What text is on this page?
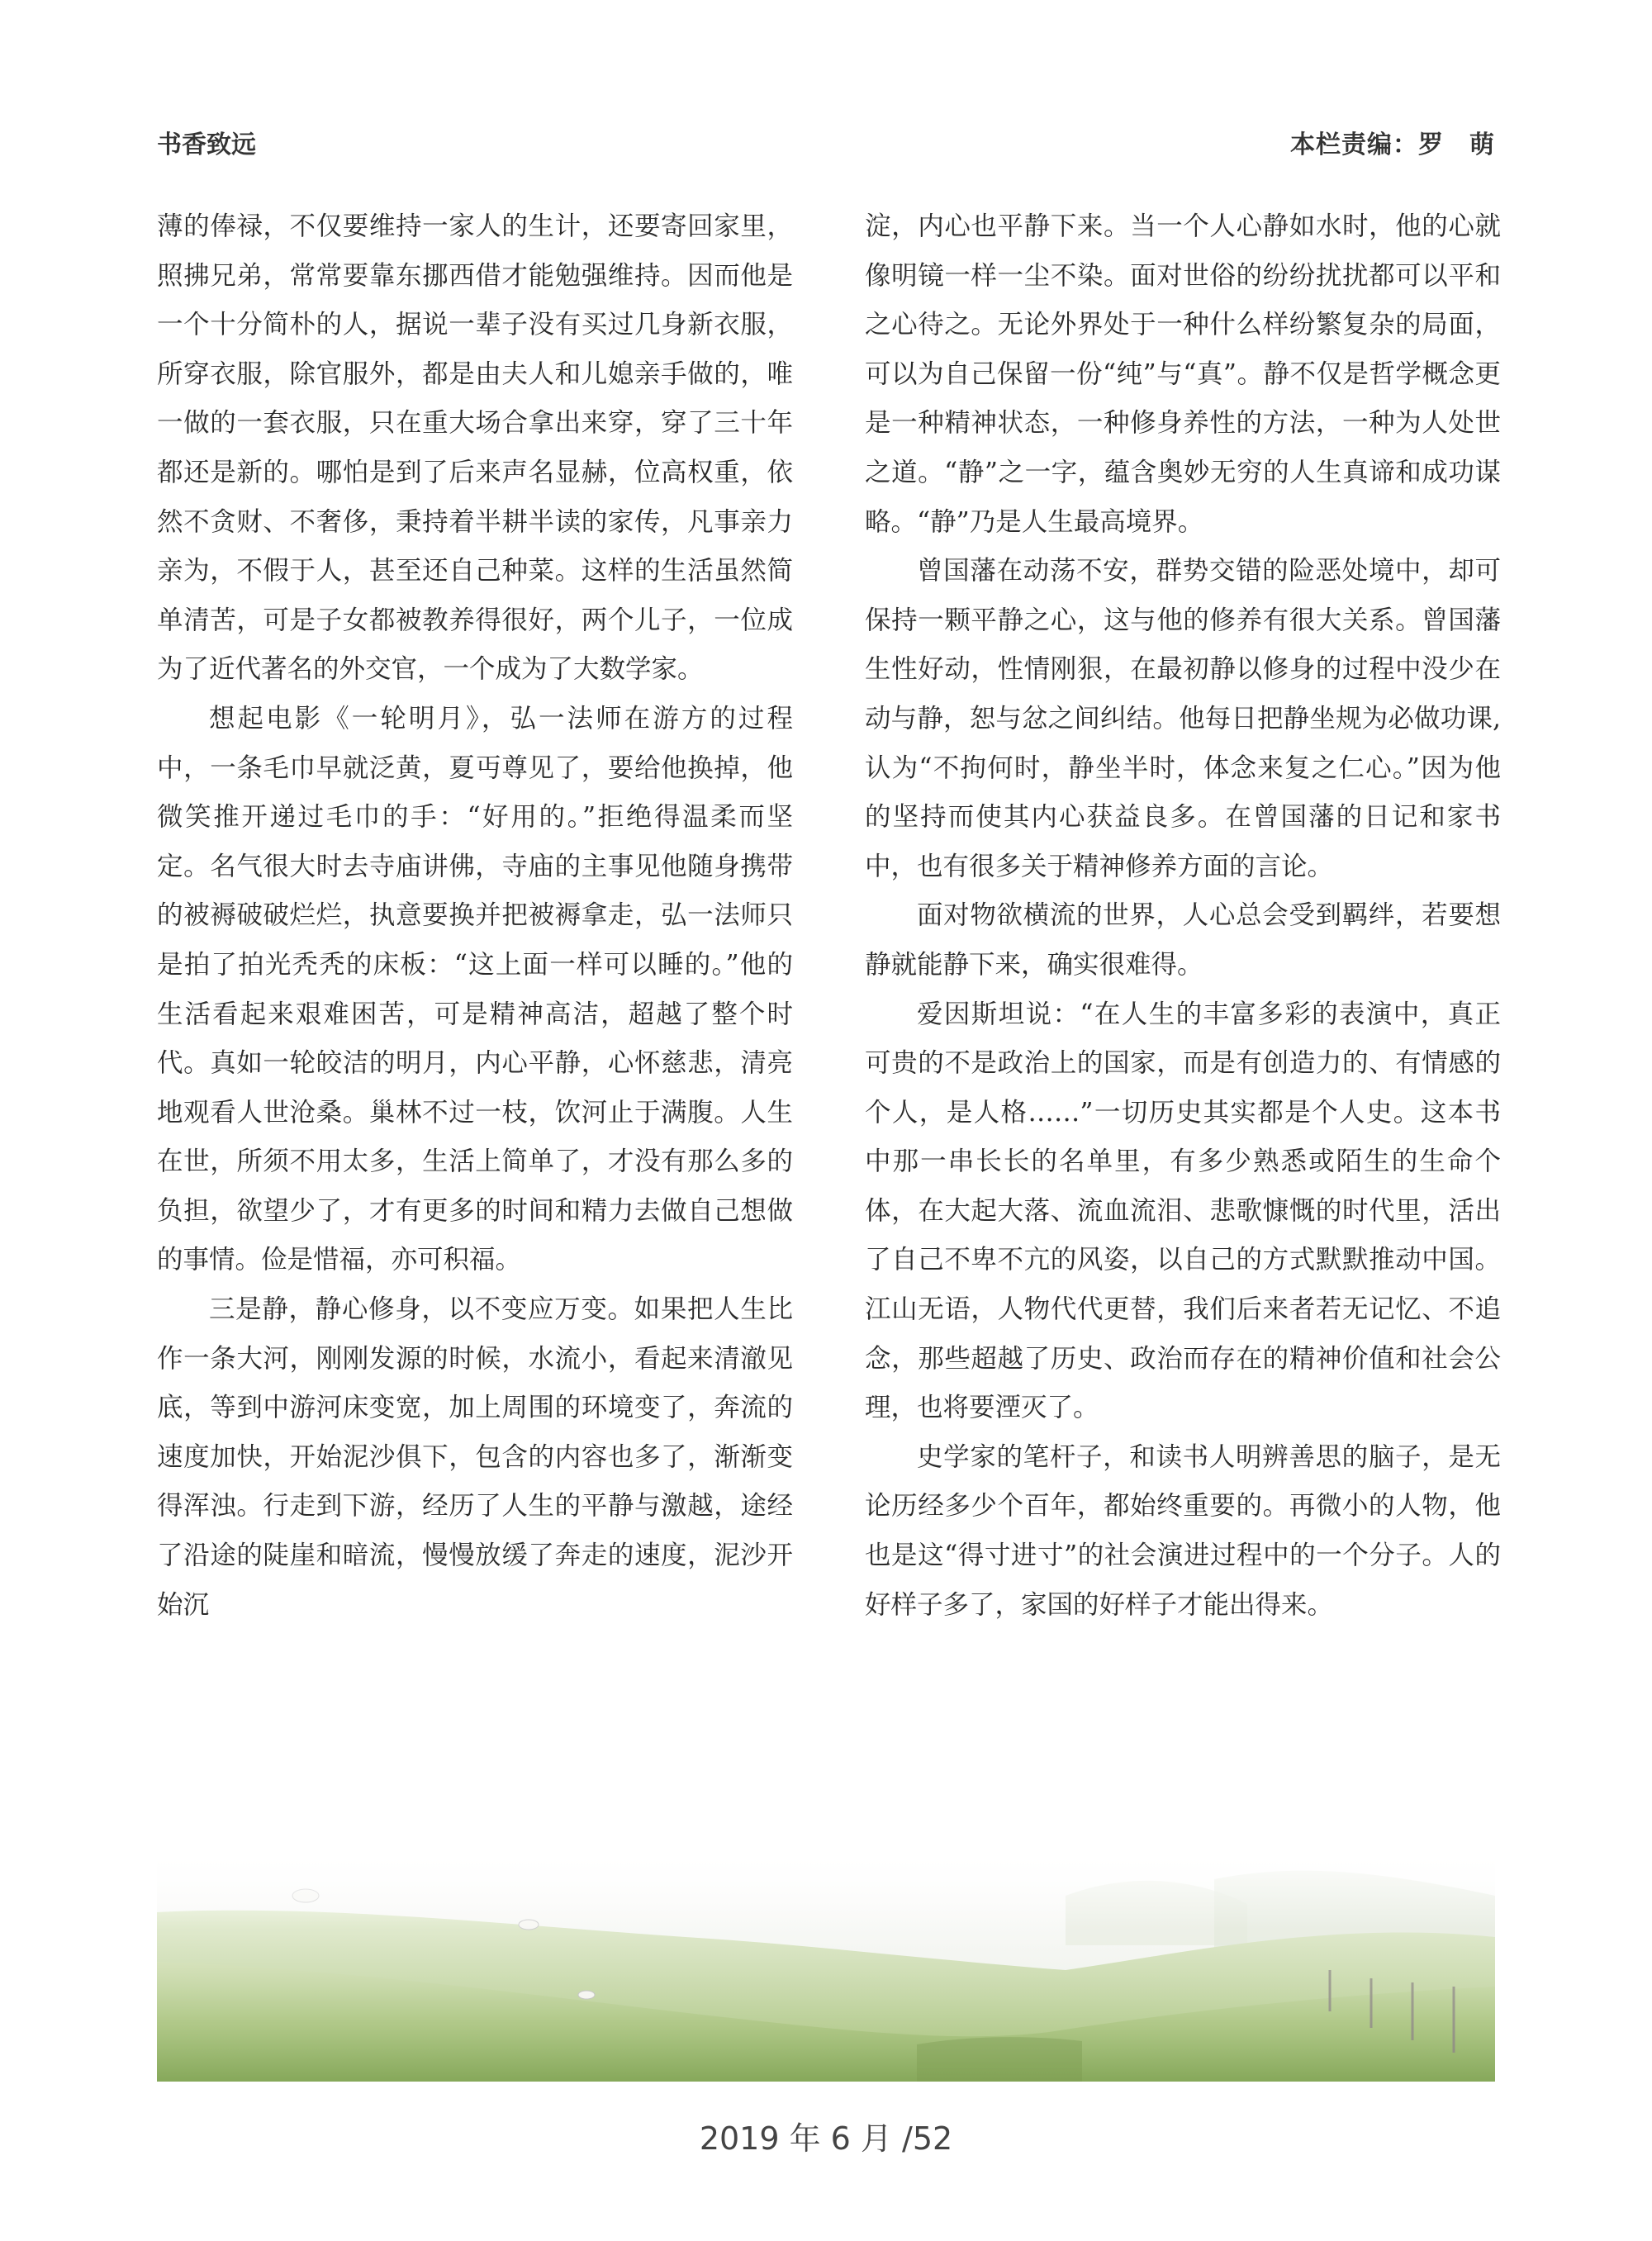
书香致远	本栏责编：罗　萌

薄的俸禄，不仅要维持一家人的生计，还要寄回家里，照拂兄弟，常常要靠东挪西借才能勉强维持。因而他是一个十分简朴的人，据说一辈子没有买过几身新衣服，所穿衣服，除官服外，都是由夫人和儿媳亲手做的，唯一做的一套衣服，只在重大场合拿出来穿，穿了三十年都还是新的。哪怕是到了后来声名显赫，位高权重，依然不贪财、不奢侈，秉持着半耕半读的家传，凡事亲力亲为，不假于人，甚至还自己种菜。这样的生活虽然简单清苦，可是子女都被教养得很好，两个儿子，一位成为了近代著名的外交官，一个成为了大数学家。

想起电影《一轮明月》，弘一法师在游方的过程中，一条毛巾早就泛黄，夏丏尊见了，要给他换掉，他微笑推开递过毛巾的手：“好用的。”拒绝得温柔而坚定。名气很大时去寺庙讲佛，寺庙的主事见他随身携带的被褥破破烂烂，执意要换并把被褥拿走，弘一法师只是拍了拍光秃秃的床板：“这上面一样可以睡的。”他的生活看起来艰难困苦，可是精神高洁，超越了整个时代。真如一轮皎洁的明月，内心平静，心怀慈悲，清亮地观看人世沧桑。巢林不过一枝，饮河止于满腹。人生在世，所须不用太多，生活上简单了，才没有那么多的负担，欲望少了，才有更多的时间和精力去做自己想做的事情。俭是惜福，亦可积福。

三是静，静心修身，以不变应万变。如果把人生比作一条大河，刚刚发源的时候，水流小，看起来清澈见底，等到中游河床变宽，加上周围的环境变了，奔流的速度加快，开始泥沙俱下，包含的内容也多了，渐渐变得浑浊。行走到下游，经历了人生的平静与激越，途经了沿途的陡崖和暗流，慢慢放缓了奔走的速度，泥沙开始沉

淀，内心也平静下来。当一个人心静如水时，他的心就像明镜一样一尘不染。面对世俗的纷纷扰扰都可以平和之心待之。无论外界处于一种什么样纷繁复杂的局面，可以为自己保留一份“纯”与“真”。静不仅是哲学概念更是一种精神状态，一种修身养性的方法，一种为人处世之道。“静”之一字，蕴含奥妙无穷的人生真谛和成功谋略。“静”乃是人生最高境界。

曾国藩在动荡不安，群势交错的险恶处境中，却可保持一颗平静之心，这与他的修养有很大关系。曾国藩生性好动，性情刚狠，在最初静以修身的过程中没少在动与静，恕与忿之间纠结。他每日把静坐规为必做功课,认为“不拘何时，静坐半时，体念来复之仁心。”因为他的坚持而使其内心获益良多。在曾国藩的日记和家书中，也有很多关于精神修养方面的言论。

面对物欲横流的世界，人心总会受到羁绊，若要想静就能静下来，确实很难得。

爱因斯坦说：“在人生的丰富多彩的表演中，真正可贵的不是政治上的国家，而是有创造力的、有情感的个人，是人格……”一切历史其实都是个人史。这本书中那一串长长的名单里，有多少熟悉或陌生的生命个体，在大起大落、流血流泪、悲歌慷慨的时代里，活出了自己不卑不亢的风姿，以自己的方式默默推动中国。江山无语，人物代代更替，我们后来者若无记忆、不追念，那些超越了历史、政治而存在的精神价值和社会公理，也将要湮灭了。

史学家的笔杆子，和读书人明辨善思的脑子，是无论历经多少个百年，都始终重要的。再微小的人物，他也是这“得寸进寸”的社会演进过程中的一个分子。人的好样子多了，家国的好样子才能出得来。

2019 年 6 月 /52
